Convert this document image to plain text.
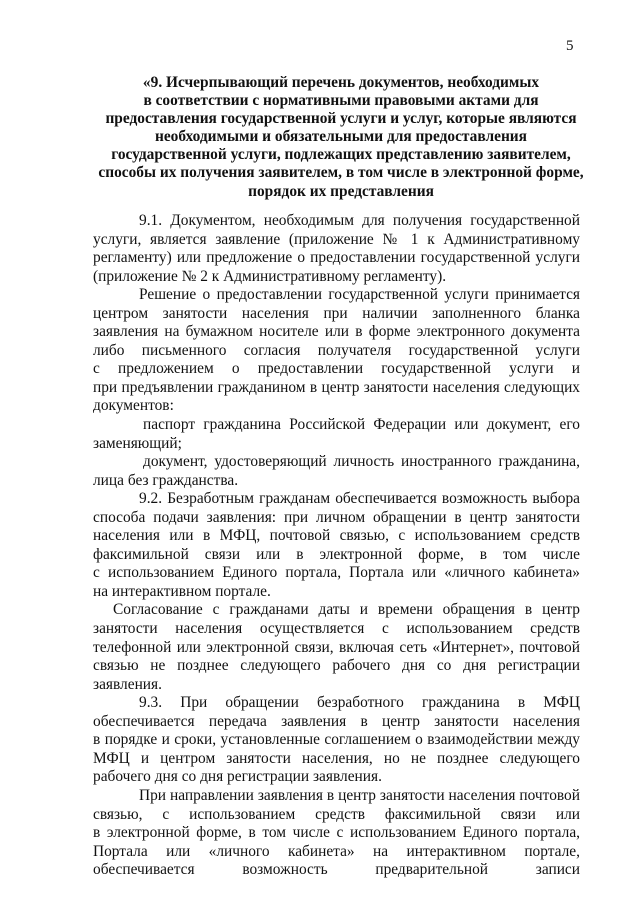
5
«9. Исчерпывающий перечень документов, необходимых
в соответствии с нормативными правовыми актами для
предоставления государственной услуги и услуг, которые являются
необходимыми и обязательными для предоставления
государственной услуги, подлежащих представлению заявителем,
способы их получения заявителем, в том числе в электронной форме,
порядок их представления

9.1. Документом, необходимым для получения государственной
услуги, является заявление (приложение № 1 к Административному
регламенту) или предложение о предоставлении государственной услуги
(приложение № 2 к Административному регламенту).

Решение о предоставлении государственной услуги принимается
центром занятости населения при наличии заполненного бланка
заявления на бумажном носителе или в форме электронного документа
либо письменного согласия получателя государственной услуги
с предложением о предоставлении государственной услуги и
при предъявлении гражданином в центр занятости населения следующих
документов:

паспорт гражданина Российской Федерации или документ, его
заменяющий;

документ, удостоверяющий личность иностранного гражданина,
лица без гражданства.

9.2. Безработным гражданам обеспечивается возможность выбора
способа подачи заявления: при личном обращении в центр занятости
населения или в МФЦ, почтовой связью, с использованием средств
факсимильной связи или в электронной форме, в том числе
с использованием Единого портала, Портала или «личного кабинета»
на интерактивном портале.

Согласование с гражданами даты и времени обращения в центр
занятости населения осуществляется с использованием средств
телефонной или электронной связи, включая сеть «Интернет», почтовой
связью не позднее следующего рабочего дня со дня регистрации
заявления.

9.3. При обращении безработного гражданина в МФЦ
обеспечивается передача заявления в центр занятости населения
в порядке и сроки, установленные соглашением о взаимодействии между
МФЦ и центром занятости населения, но не позднее следующего
рабочего дня со дня регистрации заявления.

При направлении заявления в центр занятости населения почтовой
связью, с использованием средств факсимильной связи или
в электронной форме, в том числе с использованием Единого портала,
Портала или «личного кабинета» на интерактивном портале,
обеспечивается возможность предварительной записи
